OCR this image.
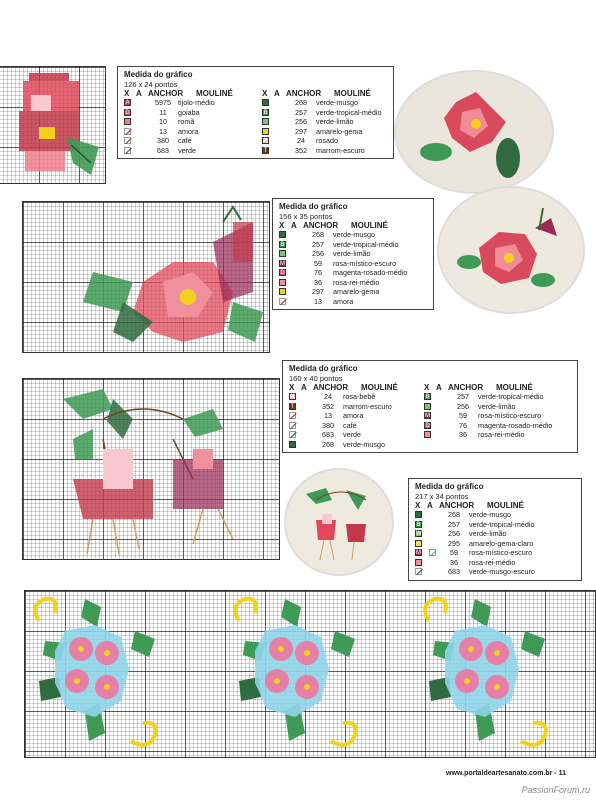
Medida do gráfico
126 x 24 pontos
X A ANCHOR	MOULINÉ
A	5975 tijolo-médio
D	11	goiaba
10	romã
13	amora
380	café
683	verde
X A ANCHOR	MOULINÉ
268	verde-musgo
B	257	verde-tropical-médio
256	verde-limão
297	amarelo-gema
X	24	rosado
T	352	marrom-escuro
Medida do gráfico
156 x 35 pontos
X A ANCHOR	MOULINÉ
268	verde-musgo
B	257	verde-tropical-médio
256	verde-limão
M	59	rosa-místico-escuro
D	76	magenta-rosado-médio
36	rosa-rei-médio
297	amarelo-gema
13	amora
Medida do gráfico
160 x 40 pontos
X A ANCHOR	MOULINÉ
X	24	rosa-bebê
T	352	marrom-escuro
13	amora
380	café
683	verde
268	verde-musgo
X A ANCHOR	MOULINÉ
B	257	verde-tropical-médio
256	verde-limão
M	59	rosa-místico-escuro
D	76	magenta-rosado-médio
36	rosa-rei-médio
Medida do gráfico
217 x 34 pontos
X A ANCHOR	MOULINÉ
268	verde-musgo
B	257	verde-tropical-médio
W	256	verde-limão
295	amarelo-gema-claro
M	59	rosa-místico-escuro
36	rosa-rei-médio
683	verde-musgo-escuro
www.portaldeartesanato.com.br - 11
PassionForum.ru
